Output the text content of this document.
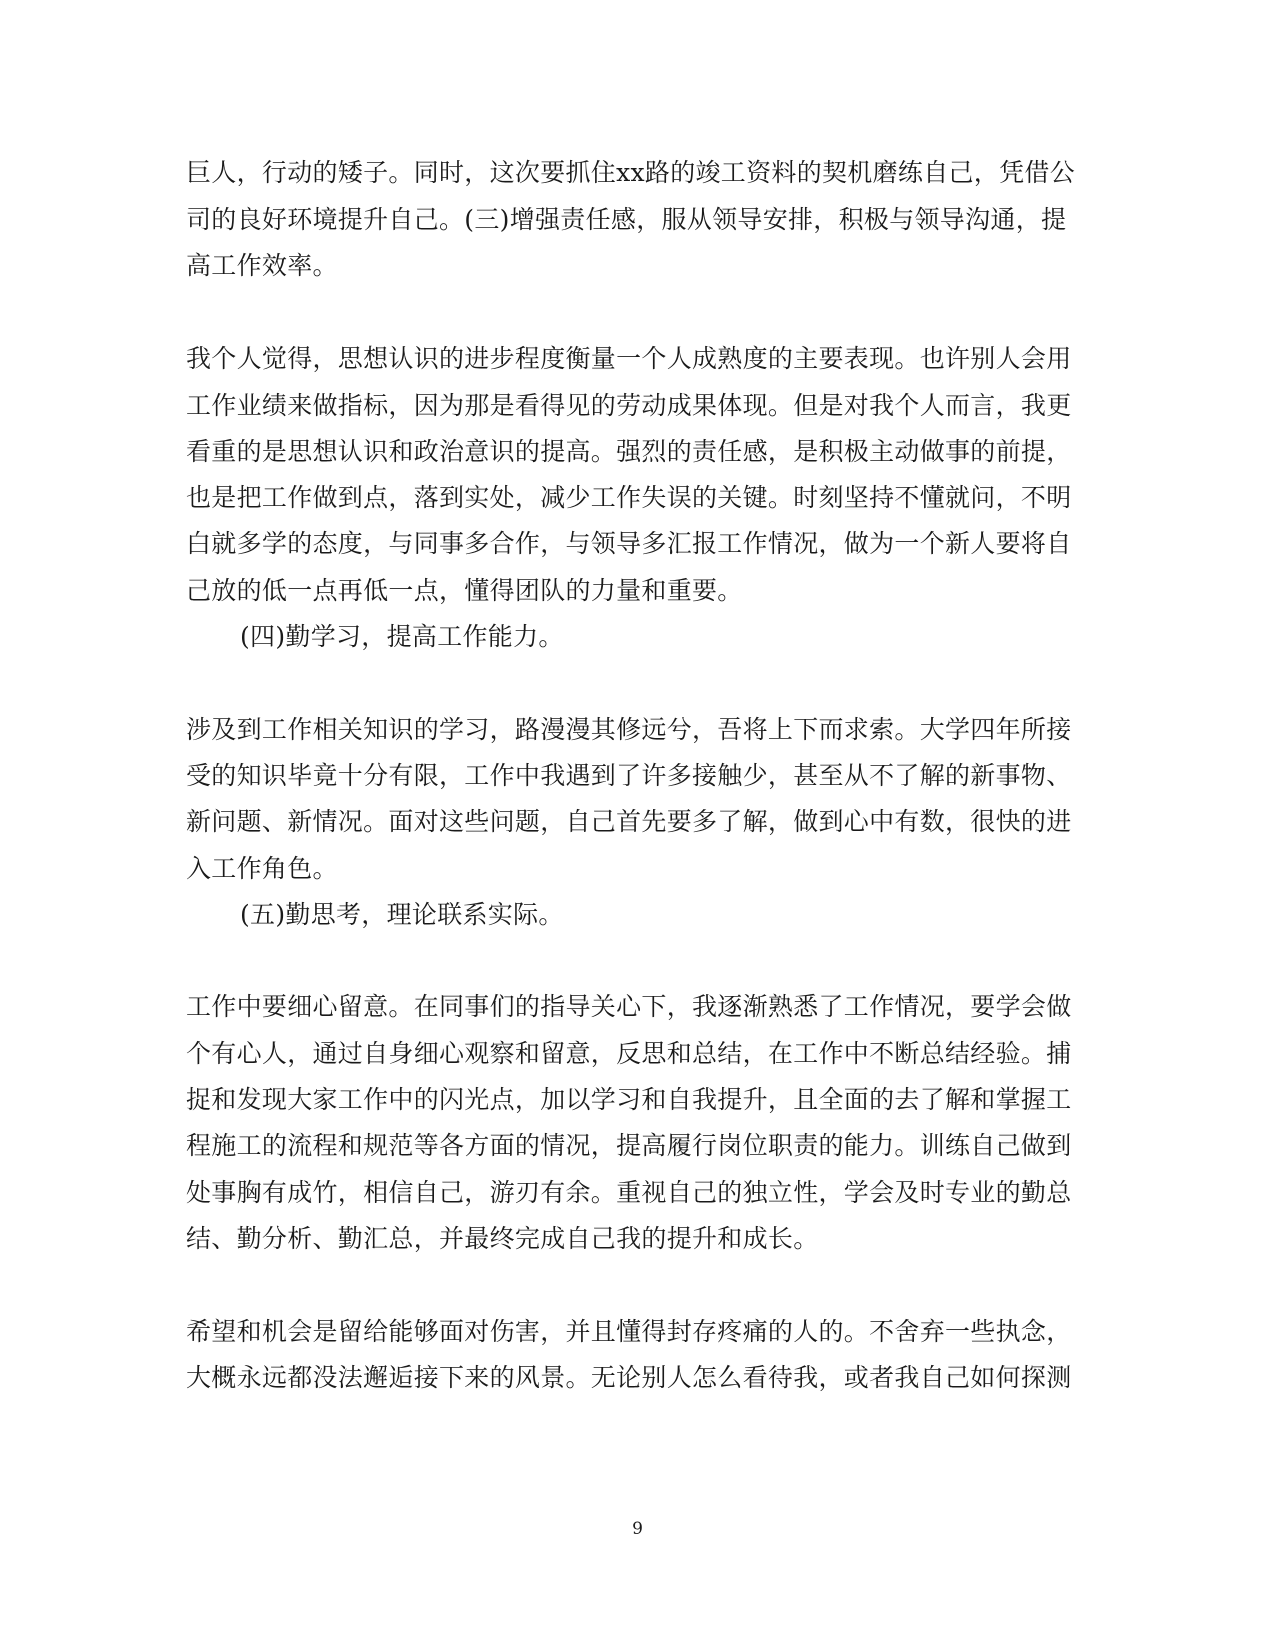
巨人，行动的矮子。同时，这次要抓住xx路的竣工资料的契机磨练自己，凭借公
司的良好环境提升自己。(三)增强责任感，服从领导安排，积极与领导沟通，提
高工作效率。
我个人觉得，思想认识的进步程度衡量一个人成熟度的主要表现。也许别人会用
工作业绩来做指标，因为那是看得见的劳动成果体现。但是对我个人而言，我更
看重的是思想认识和政治意识的提高。强烈的责任感，是积极主动做事的前提，
也是把工作做到点，落到实处，减少工作失误的关键。时刻坚持不懂就问，不明
白就多学的态度，与同事多合作，与领导多汇报工作情况，做为一个新人要将自
己放的低一点再低一点，懂得团队的力量和重要。
(四)勤学习，提高工作能力。
涉及到工作相关知识的学习，路漫漫其修远兮，吾将上下而求索。大学四年所接
受的知识毕竟十分有限，工作中我遇到了许多接触少，甚至从不了解的新事物、
新问题、新情况。面对这些问题，自己首先要多了解，做到心中有数，很快的进
入工作角色。
(五)勤思考，理论联系实际。
工作中要细心留意。在同事们的指导关心下，我逐渐熟悉了工作情况，要学会做
个有心人，通过自身细心观察和留意，反思和总结，在工作中不断总结经验。捕
捉和发现大家工作中的闪光点，加以学习和自我提升，且全面的去了解和掌握工
程施工的流程和规范等各方面的情况，提高履行岗位职责的能力。训练自己做到
处事胸有成竹，相信自己，游刃有余。重视自己的独立性，学会及时专业的勤总
结、勤分析、勤汇总，并最终完成自己我的提升和成长。
希望和机会是留给能够面对伤害，并且懂得封存疼痛的人的。不舍弃一些执念，
大概永远都没法邂逅接下来的风景。无论别人怎么看待我，或者我自己如何探测
9
